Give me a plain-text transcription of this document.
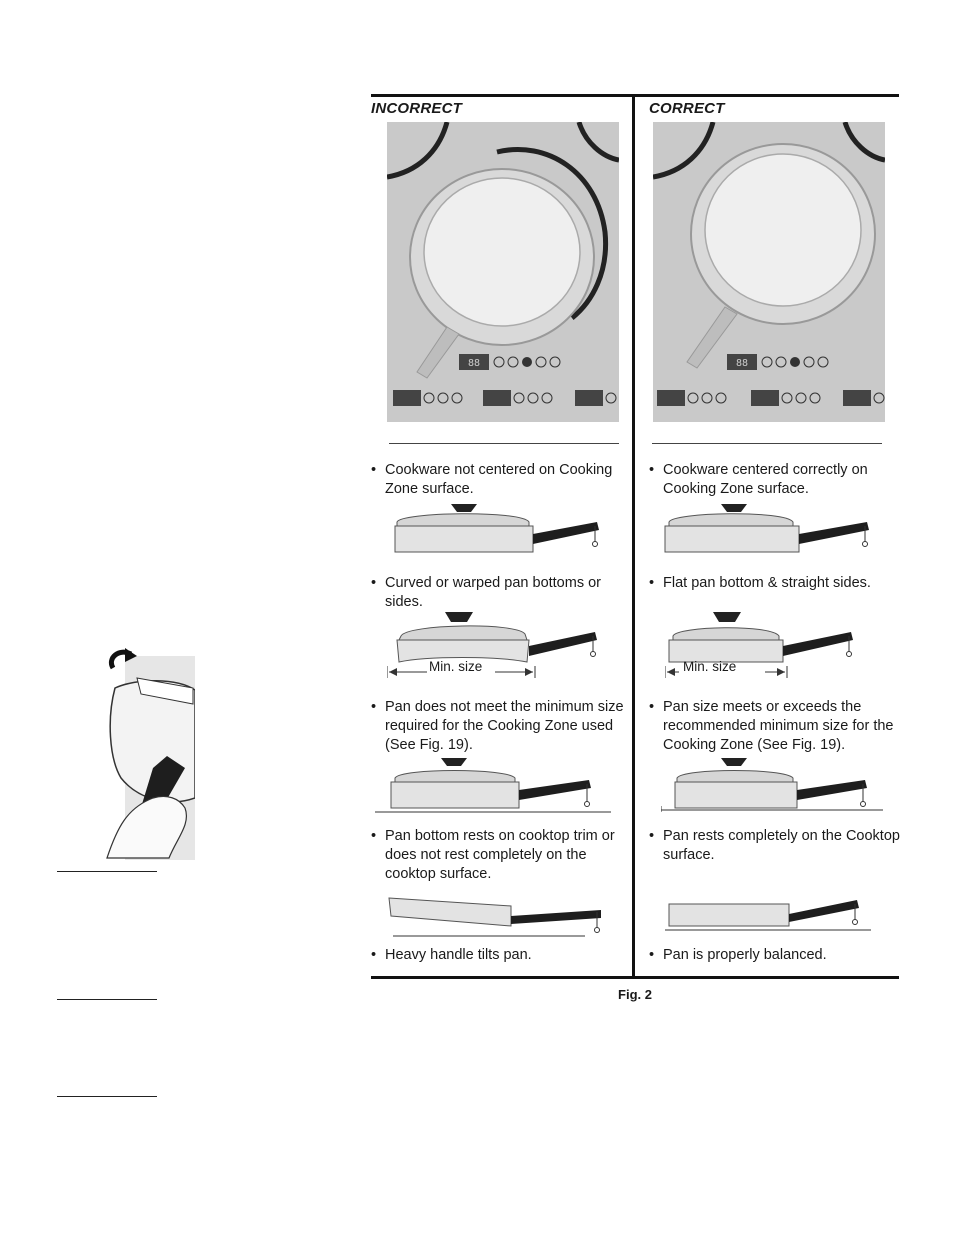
INCORRECT
88
• Cookware not centered on Cooking Zone surface.
• Curved or warped pan bottoms or sides.
Min. size
• Pan does not meet the minimum size required for the Cooking Zone used (See Fig. 19).
• Pan bottom rests on cooktop trim or does not rest completely on the cooktop surface.
• Heavy handle tilts pan.
CORRECT
88
• Cookware centered correctly on Cooking Zone surface.
• Flat pan bottom & straight sides.
Min. size
• Pan size meets or exceeds the recommended minimum size for the Cooking Zone (See Fig. 19).
• Pan rests completely on the Cooktop surface.
• Pan is properly balanced.
Fig. 2
